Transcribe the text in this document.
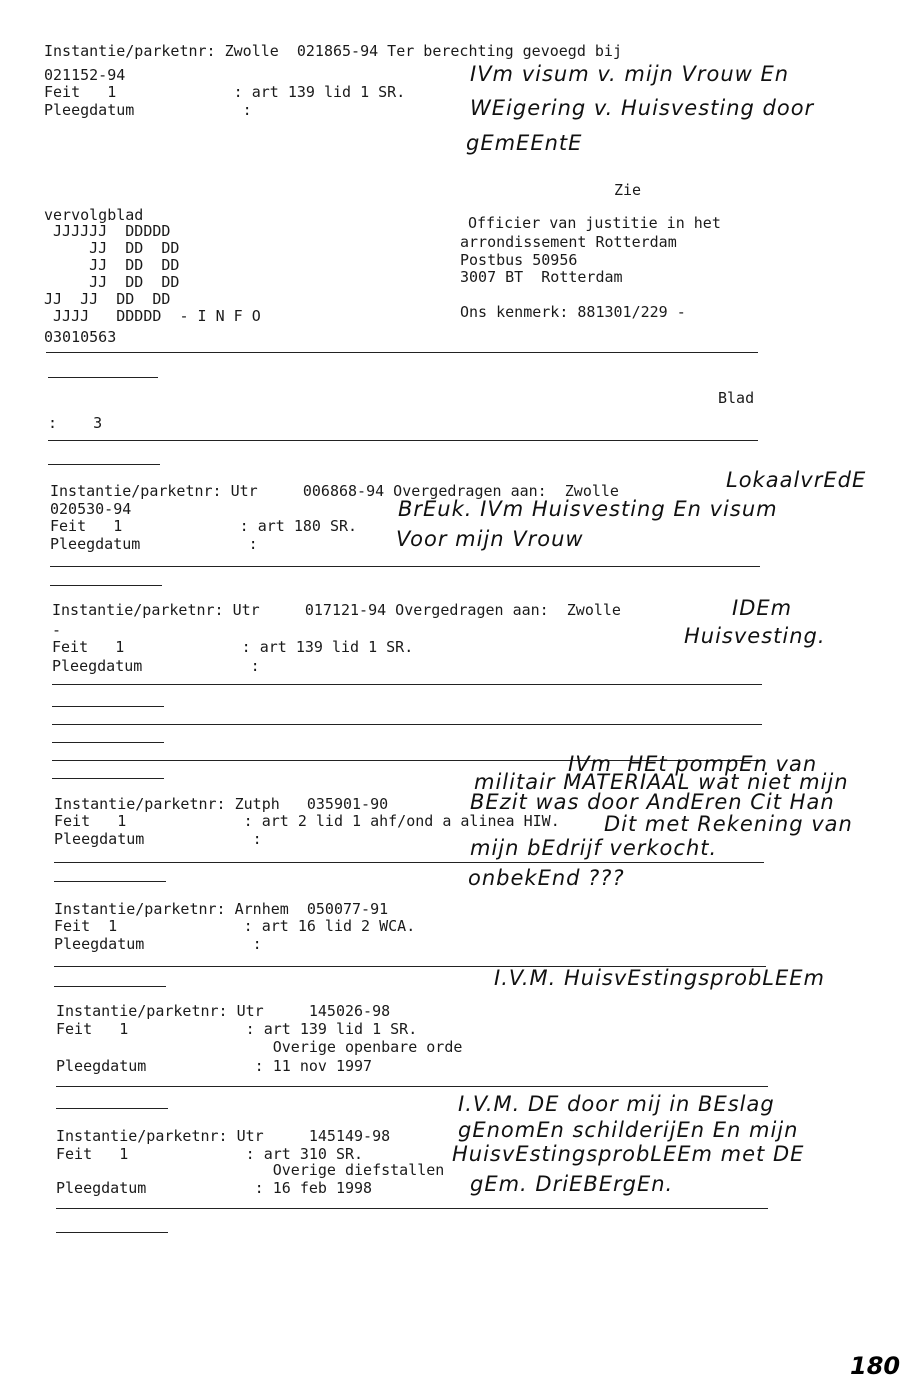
Instantie/parketnr: Zwolle  021865-94 Ter berechting gevoegd bij
021152-94
Feit   1             : art 139 lid 1 SR.
Pleegdatum            :
IVm visum v. mijn Vrouw En
WEigering v. Huisvesting door
gEmEEntE
Zie
vervolgblad
JJJJJJ  DDDDD
JJ  DD  DD
JJ  DD  DD
JJ  DD  DD
JJ  JJ  DD  DD
JJJJ   DDDDD  - I N F O
03010563
Officier van justitie in het
arrondissement Rotterdam
Postbus 50956
3007 BT  Rotterdam
Ons kenmerk: 881301/229 -
Blad
:    3
Instantie/parketnr: Utr     006868-94 Overgedragen aan:  Zwolle
020530-94
Feit   1             : art 180 SR.
Pleegdatum            :
LokaalvrEdE
BrEuk. IVm Huisvesting En visum
Voor mijn Vrouw
Instantie/parketnr: Utr     017121-94 Overgedragen aan:  Zwolle
-
Feit   1             : art 139 lid 1 SR.
Pleegdatum            :
IDEm
Huisvesting.
IVm  HEt pompEn van
militair MATERIAAL wat niet mijn
BEzit was door AndEren Cit Han
Instantie/parketnr: Zutph   035901-90
Feit   1             : art 2 lid 1 ahf/ond a alinea HIW.
Pleegdatum            :
Dit met Rekening van
mijn bEdrijf verkocht.
onbekEnd ???
Instantie/parketnr: Arnhem  050077-91
Feit  1              : art 16 lid 2 WCA.
Pleegdatum            :
I.V.M. HuisvEstingsprobLEEm
Instantie/parketnr: Utr     145026-98
Feit   1             : art 139 lid 1 SR.
Overige openbare orde
Pleegdatum            : 11 nov 1997
I.V.M. DE door mij in BEslag
gEnomEn schilderijEn En mijn
Instantie/parketnr: Utr     145149-98
Feit   1             : art 310 SR.	HuisvEstingsprobLEEm met DE
Overige diefstallen
Pleegdatum            : 16 feb 1998	gEm. DriEBErgEn.
180
